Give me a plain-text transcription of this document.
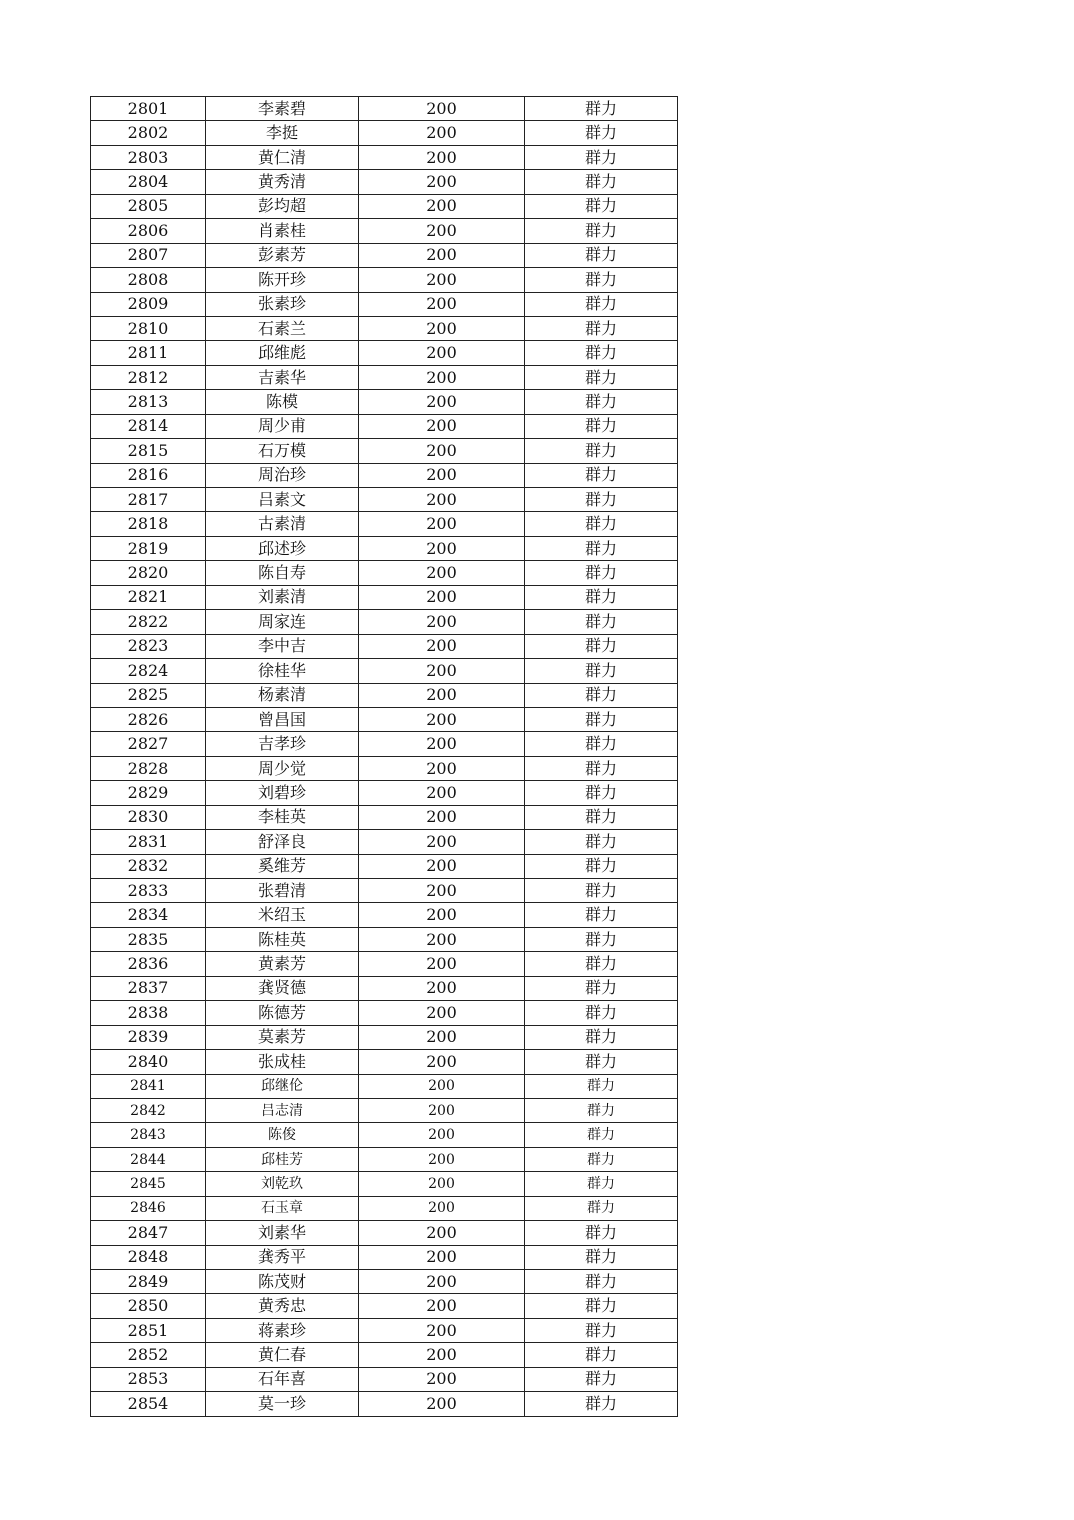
2801	李素碧	200	群力
2802	李挺	200	群力
2803	黄仁清	200	群力
2804	黄秀清	200	群力
2805	彭均超	200	群力
2806	肖素桂	200	群力
2807	彭素芳	200	群力
2808	陈开珍	200	群力
2809	张素珍	200	群力
2810	石素兰	200	群力
2811	邱维彪	200	群力
2812	吉素华	200	群力
2813	陈模	200	群力
2814	周少甫	200	群力
2815	石万模	200	群力
2816	周治珍	200	群力
2817	吕素文	200	群力
2818	古素清	200	群力
2819	邱述珍	200	群力
2820	陈自寿	200	群力
2821	刘素清	200	群力
2822	周家连	200	群力
2823	李中吉	200	群力
2824	徐桂华	200	群力
2825	杨素清	200	群力
2826	曾昌国	200	群力
2827	吉孝珍	200	群力
2828	周少觉	200	群力
2829	刘碧珍	200	群力
2830	李桂英	200	群力
2831	舒泽良	200	群力
2832	奚维芳	200	群力
2833	张碧清	200	群力
2834	米绍玉	200	群力
2835	陈桂英	200	群力
2836	黄素芳	200	群力
2837	龚贤德	200	群力
2838	陈德芳	200	群力
2839	莫素芳	200	群力
2840	张成桂	200	群力
2841	邱继伦	200	群力
2842	吕志清	200	群力
2843	陈俊	200	群力
2844	邱桂芳	200	群力
2845	刘乾玖	200	群力
2846	石玉章	200	群力
2847	刘素华	200	群力
2848	龚秀平	200	群力
2849	陈茂财	200	群力
2850	黄秀忠	200	群力
2851	蒋素珍	200	群力
2852	黄仁春	200	群力
2853	石年喜	200	群力
2854	莫一珍	200	群力
